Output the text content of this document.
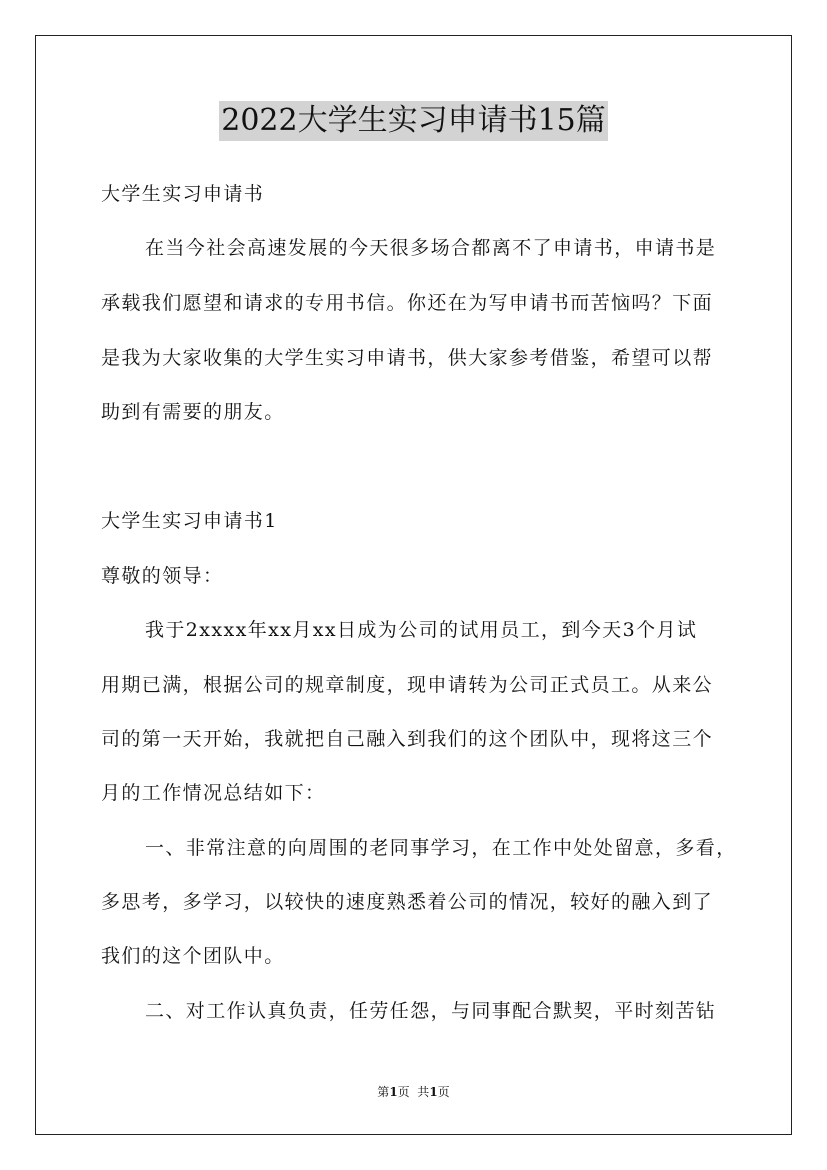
2022大学生实习申请书15篇
大学生实习申请书
在当今社会高速发展的今天很多场合都离不了申请书，申请书是
承载我们愿望和请求的专用书信。你还在为写申请书而苦恼吗？下面
是我为大家收集的大学生实习申请书，供大家参考借鉴，希望可以帮
助到有需要的朋友。
大学生实习申请书1
尊敬的领导：
我于2xxxx年xx月xx日成为公司的试用员工，到今天3个月试
用期已满，根据公司的规章制度，现申请转为公司正式员工。从来公
司的第一天开始，我就把自己融入到我们的这个团队中，现将这三个
月的工作情况总结如下：
一、非常注意的向周围的老同事学习，在工作中处处留意，多看，
多思考，多学习，以较快的速度熟悉着公司的情况，较好的融入到了
我们的这个团队中。
二、对工作认真负责，任劳任怨，与同事配合默契，平时刻苦钻
第1页  共1页
